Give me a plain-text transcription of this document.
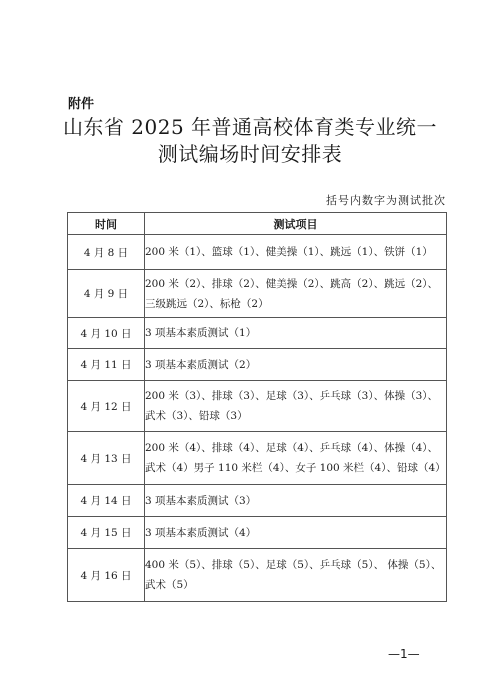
附件
山东省 2025 年普通高校体育类专业统一
测试编场时间安排表
括号内数字为测试批次
时间	测试项目
4 月 8 日	200 米（1）、篮球（1）、健美操（1）、跳远（1）、铁饼（1）
4 月 9 日	200 米（2）、排球（2）、健美操（2）、跳高（2）、跳远（2）、三级跳远（2）、标枪（2）
4 月 10 日	3 项基本素质测试（1）
4 月 11 日	3 项基本素质测试（2）
4 月 12 日	200 米（3）、排球（3）、足球（3）、乒乓球（3）、体操（3）、武术（3）、铅球（3）
4 月 13 日	200 米（4）、排球（4）、足球（4）、乒乓球（4）、体操（4）、武术（4）男子 110 米栏（4）、女子 100 米栏（4）、铅球（4）
4 月 14 日	3 项基本素质测试（3）
4 月 15 日	3 项基本素质测试（4）
4 月 16 日	400 米（5）、排球（5）、足球（5）、乒乓球（5）、 体操（5）、武术（5）
—1—
